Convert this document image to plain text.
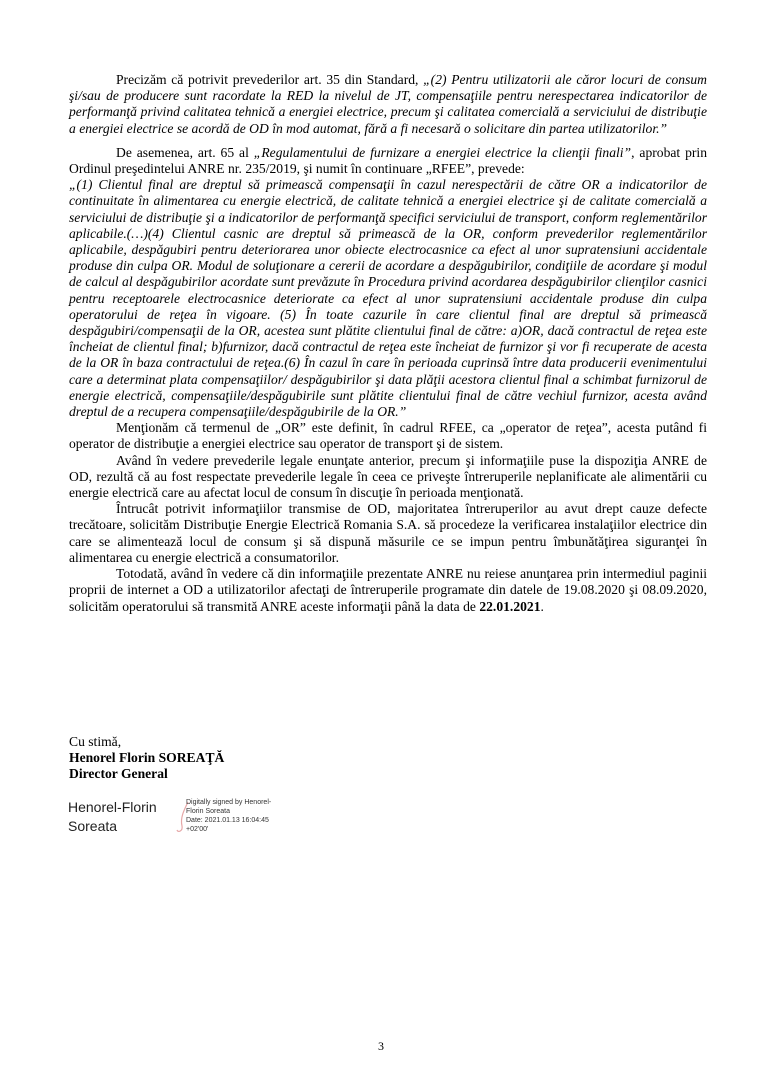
Precizăm că potrivit prevederilor art. 35 din Standard, „(2) Pentru utilizatorii ale căror locuri de consum şi/sau de producere sunt racordate la RED la nivelul de JT, compensaţiile pentru nerespectarea indicatorilor de performanţă privind calitatea tehnică a energiei electrice, precum şi calitatea comercială a serviciului de distribuţie a energiei electrice se acordă de OD în mod automat, fără a fi necesară o solicitare din partea utilizatorilor.”

De asemenea, art. 65 al „Regulamentului de furnizare a energiei electrice la clienţii finali”, aprobat prin Ordinul preşedintelui ANRE nr. 235/2019, şi numit în continuare „RFEE”, prevede:

„(1) Clientul final are dreptul să primească compensaţii în cazul nerespectării de către OR a indicatorilor de continuitate în alimentarea cu energie electrică, de calitate tehnică a energiei electrice şi de calitate comercială a serviciului de distribuţie şi a indicatorilor de performanţă specifici serviciului de transport, conform reglementărilor aplicabile.(…)(4) Clientul casnic are dreptul să primească de la OR, conform prevederilor reglementărilor aplicabile, despăgubiri pentru deteriorarea unor obiecte electrocasnice ca efect al unor supratensiuni accidentale produse din culpa OR. Modul de soluţionare a cererii de acordare a despăgubirilor, condiţiile de acordare şi modul de calcul al despăgubirilor acordate sunt prevăzute în Procedura privind acordarea despăgubirilor clienţilor casnici pentru receptoarele electrocasnice deteriorate ca efect al unor supratensiuni accidentale produse din culpa operatorului de reţea în vigoare. (5) În toate cazurile în care clientul final are dreptul să primească despăgubiri/compensaţii de la OR, acestea sunt plătite clientului final de către: a)OR, dacă contractul de reţea este încheiat de clientul final; b)furnizor, dacă contractul de reţea este încheiat de furnizor şi vor fi recuperate de acesta de la OR în baza contractului de reţea.(6) În cazul în care în perioada cuprinsă între data producerii evenimentului care a determinat plata compensaţiilor/ despăgubirilor şi data plăţii acestora clientul final a schimbat furnizorul de energie electrică, compensaţiile/despăgubirile sunt plătite clientului final de către vechiul furnizor, acesta având dreptul de a recupera compensaţiile/despăgubirile de la OR.”

Menţionăm că termenul de „OR” este definit, în cadrul RFEE, ca „operator de reţea”, acesta putând fi operator de distribuţie a energiei electrice sau operator de transport şi de sistem.

Având în vedere prevederile legale enunţate anterior, precum şi informaţiile puse la dispoziţia ANRE de OD, rezultă că au fost respectate prevederile legale în ceea ce priveşte întreruperile neplanificate ale alimentării cu energie electrică care au afectat locul de consum în discuţie în perioada menţionată.

Întrucât potrivit informaţiilor transmise de OD, majoritatea întreruperilor au avut drept cauze defecte trecătoare, solicităm Distribuţie Energie Electrică Romania S.A. să procedeze la verificarea instalaţiilor electrice din care se alimentează locul de consum şi să dispună măsurile ce se impun pentru îmbunătăţirea siguranţei în alimentarea cu energie electrică a consumatorilor.

Totodată, având în vedere că din informaţiile prezentate ANRE nu reiese anunţarea prin intermediul paginii proprii de internet a OD a utilizatorilor afectaţi de întreruperile programate din datele de 19.08.2020 şi 08.09.2020, solicităm operatorului să transmită ANRE aceste informaţii până la data de 22.01.2021.

Cu stimă,

Henorel Florin SOREAŢĂ

Director General

Henorel-Florin
Soreata
Digitally signed by Henorel-
Florin Soreata
Date: 2021.01.13 16:04:45
+02'00'
3
